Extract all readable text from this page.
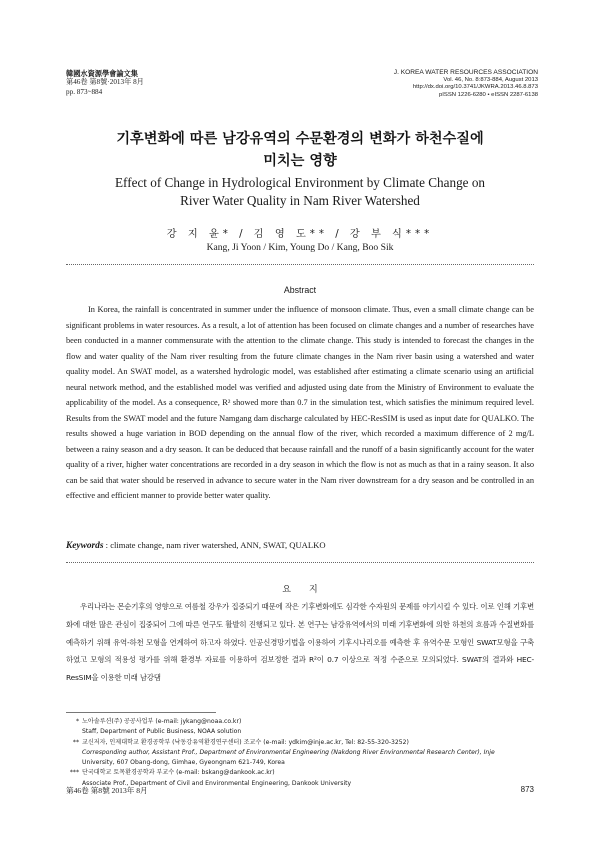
韓國水資源學會論文集
第46卷 第8號·2013年 8月
pp. 873~884
J. KOREA WATER RESOURCES ASSOCIATION
Vol. 46, No. 8:873-884, August 2013
http://dx.doi.org/10.3741/JKWRA.2013.46.8.873
pISSN 1226-6280 • eISSN 2287-6138
기후변화에 따른 남강유역의 수문환경의 변화가 하천수질에
미치는 영향
Effect of Change in Hydrological Environment by Climate Change on
River Water Quality in Nam River Watershed
강 지 윤* / 김 영 도** / 강 부 식***
Kang, Ji Yoon / Kim, Young Do / Kang, Boo Sik
Abstract
In Korea, the rainfall is concentrated in summer under the influence of monsoon climate. Thus, even a small climate change can be significant problems in water resources. As a result, a lot of attention has been focused on climate changes and a number of researches have been conducted in a manner commensurate with the attention to the climate change. This study is intended to forecast the changes in the flow and water quality of the Nam river resulting from the future climate changes in the Nam river basin using a watershed and water quality model. An SWAT model, as a watershed hydrologic model, was established after estimating a climate scenario using an artificial neural network method, and the established model was verified and adjusted using date from the Ministry of Environment to evaluate the applicability of the model. As a consequence, R² showed more than 0.7 in the simulation test, which satisfies the minimum required level. Results from the SWAT model and the future Namgang dam discharge calculated by HEC-ResSIM is used as input date for QUALKO. The results showed a huge variation in BOD depending on the annual flow of the river, which recorded a maximum difference of 2 mg/L between a rainy season and a dry season. It can be deduced that because rainfall and the runoff of a basin significantly account for the water quality of a river, higher water concentrations are recorded in a dry season in which the flow is not as much as that in a rainy season. It also can be said that water should be reserved in advance to secure water in the Nam river downstream for a dry season and be controlled in an effective and efficient manner to provide better water quality.
Keywords : climate change, nam river watershed, ANN, SWAT, QUALKO
요　　지
우리나라는 몬순기후의 영향으로 여름철 강우가 집중되기 때문에 작은 기후변화에도 심각한 수자원의 문제를 야기시킬 수 있다. 이로 인해 기후변화에 대한 많은 관심이 집중되어 그에 따른 연구도 활발히 진행되고 있다. 본 연구는 남강유역에서의 미래 기후변화에 의한 하천의 흐름과 수질변화를 예측하기 위해 유역-하천 모형을 연계하여 하고자 하였다. 인공신경망기법을 이용하여 기후시나리오를 예측한 후 유역수문 모형인 SWAT모형을 구축하였고 모형의 적용성 평가를 위해 환경부 자료를 이용하여 검보정한 결과 R²이 0.7 이상으로 적정 수준으로 모의되었다. SWAT의 결과와 HEC-ResSIM을 이용한 미래 남강댐
* 노아솔루션(주) 공공사업부 (e-mail: jykang@noaa.co.kr)
Staff, Department of Public Business, NOAA solution
** 교신저자, 인제대학교 환경공학부 (낙동강유역환경연구센터) 조교수 (e-mail: ydkim@inje.ac.kr, Tel: 82-55-320-3252)
Corresponding author, Assistant Prof., Department of Environmental Engineering (Nakdong River Environmental Research Center), Inje
University, 607 Obang-dong, Gimhae, Gyeongnam 621-749, Korea
*** 단국대학교 토목환경공학과 부교수 (e-mail: bskang@dankook.ac.kr)
Associate Prof., Department of Civil and Environmental Engineering, Dankook University
第46卷 第8號 2013年 8月	873
